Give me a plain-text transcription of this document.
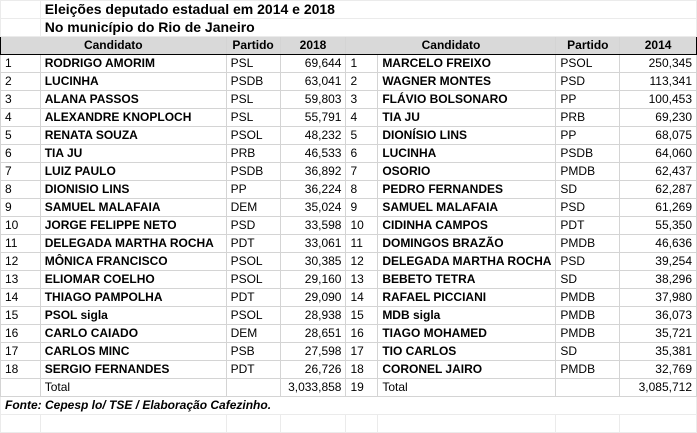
	Eleições deputado estadual em 2014 e 2018						
	No município do Rio de Janeiro						
Candidato		Partido	2018	Candidato		Partido	2014
1	RODRIGO AMORIM	PSL	69,644	1	MARCELO FREIXO	PSOL	250,345
2	LUCINHA	PSDB	63,041	2	WAGNER MONTES	PSD	113,341
3	ALANA PASSOS	PSL	59,803	3	FLÁVIO BOLSONARO	PP	100,453
4	ALEXANDRE KNOPLOCH	PSL	55,791	4	TIA JU	PRB	69,230
5	RENATA SOUZA	PSOL	48,232	5	DIONÍSIO LINS	PP	68,075
6	TIA JU	PRB	46,533	6	LUCINHA	PSDB	64,060
7	LUIZ PAULO	PSDB	36,892	7	OSORIO	PMDB	62,437
8	DIONISIO LINS	PP	36,224	8	PEDRO FERNANDES	SD	62,287
9	SAMUEL MALAFAIA	DEM	35,024	9	SAMUEL MALAFAIA	PSD	61,269
10	JORGE FELIPPE NETO	PSD	33,598	10	CIDINHA CAMPOS	PDT	55,350
11	DELEGADA MARTHA ROCHA	PDT	33,061	11	DOMINGOS BRAZÃO	PMDB	46,636
12	MÔNICA FRANCISCO	PSOL	30,385	12	DELEGADA MARTHA ROCHA	PSD	39,254
13	ELIOMAR COELHO	PSOL	29,160	13	BEBETO TETRA	SD	38,296
14	THIAGO PAMPOLHA	PDT	29,090	14	RAFAEL PICCIANI	PMDB	37,980
15	PSOL sigla	PSOL	28,938	15	MDB sigla	PMDB	36,073
16	CARLO CAIADO	DEM	28,651	16	TIAGO MOHAMED	PMDB	35,721
17	CARLOS MINC	PSB	27,598	17	TIO CARLOS	SD	35,381
18	SERGIO FERNANDES	PDT	26,726	18	CORONEL JAIRO	PMDB	32,769
	Total		3,033,858	19	Total		3,085,712
Fonte: Cepesp lo/ TSE / Elaboração Cafezinho.							
